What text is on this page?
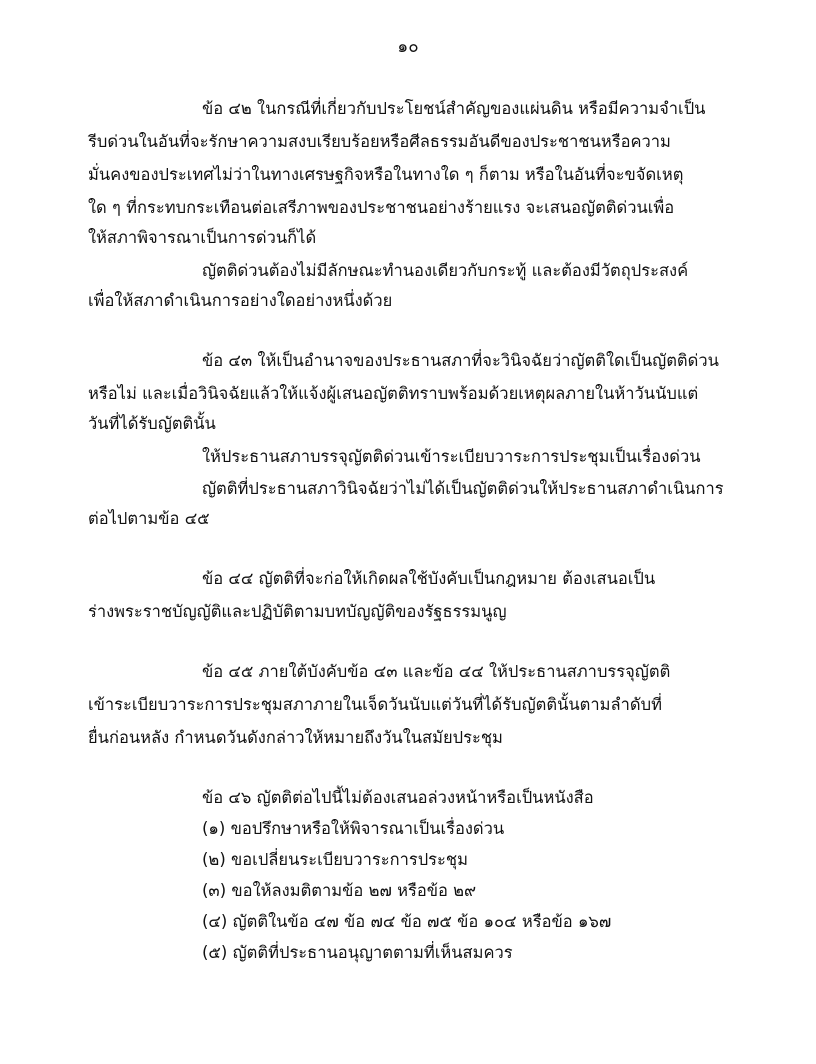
๑๐
ข้อ ๔๒ ในกรณีที่เกี่ยวกับประโยชน์สำคัญของแผ่นดิน หรือมีความจำเป็น
รีบด่วนในอันที่จะรักษาความสงบเรียบร้อยหรือศีลธรรมอันดีของประชาชนหรือความ
มั่นคงของประเทศไม่ว่าในทางเศรษฐกิจหรือในทางใด ๆ ก็ตาม หรือในอันที่จะขจัดเหตุ
ใด ๆ ที่กระทบกระเทือนต่อเสรีภาพของประชาชนอย่างร้ายแรง จะเสนอญัตติด่วนเพื่อ
ให้สภาพิจารณาเป็นการด่วนก็ได้
ญัตติด่วนต้องไม่มีลักษณะทำนองเดียวกับกระทู้ และต้องมีวัตถุประสงค์
เพื่อให้สภาดำเนินการอย่างใดอย่างหนึ่งด้วย
ข้อ ๔๓ ให้เป็นอำนาจของประธานสภาที่จะวินิจฉัยว่าญัตติใดเป็นญัตติด่วน
หรือไม่ และเมื่อวินิจฉัยแล้วให้แจ้งผู้เสนอญัตติทราบพร้อมด้วยเหตุผลภายในห้าวันนับแต่
วันที่ได้รับญัตตินั้น
ให้ประธานสภาบรรจุญัตติด่วนเข้าระเบียบวาระการประชุมเป็นเรื่องด่วน
ญัตติที่ประธานสภาวินิจฉัยว่าไม่ได้เป็นญัตติด่วนให้ประธานสภาดำเนินการ
ต่อไปตามข้อ ๔๕
ข้อ ๔๔ ญัตติที่จะก่อให้เกิดผลใช้บังคับเป็นกฎหมาย ต้องเสนอเป็น
ร่างพระราชบัญญัติและปฏิบัติตามบทบัญญัติของรัฐธรรมนูญ
ข้อ ๔๕ ภายใต้บังคับข้อ ๔๓ และข้อ ๔๔ ให้ประธานสภาบรรจุญัตติ
เข้าระเบียบวาระการประชุมสภาภายในเจ็ดวันนับแต่วันที่ได้รับญัตตินั้นตามลำดับที่
ยื่นก่อนหลัง กำหนดวันดังกล่าวให้หมายถึงวันในสมัยประชุม
ข้อ ๔๖ ญัตติต่อไปนี้ไม่ต้องเสนอล่วงหน้าหรือเป็นหนังสือ
(๑) ขอปรึกษาหรือให้พิจารณาเป็นเรื่องด่วน
(๒) ขอเปลี่ยนระเบียบวาระการประชุม
(๓) ขอให้ลงมติตามข้อ ๒๗ หรือข้อ ๒๙
(๔) ญัตติในข้อ ๔๗ ข้อ ๗๔ ข้อ ๗๕ ข้อ ๑๐๔ หรือข้อ ๑๖๗
(๕) ญัตติที่ประธานอนุญาตตามที่เห็นสมควร
